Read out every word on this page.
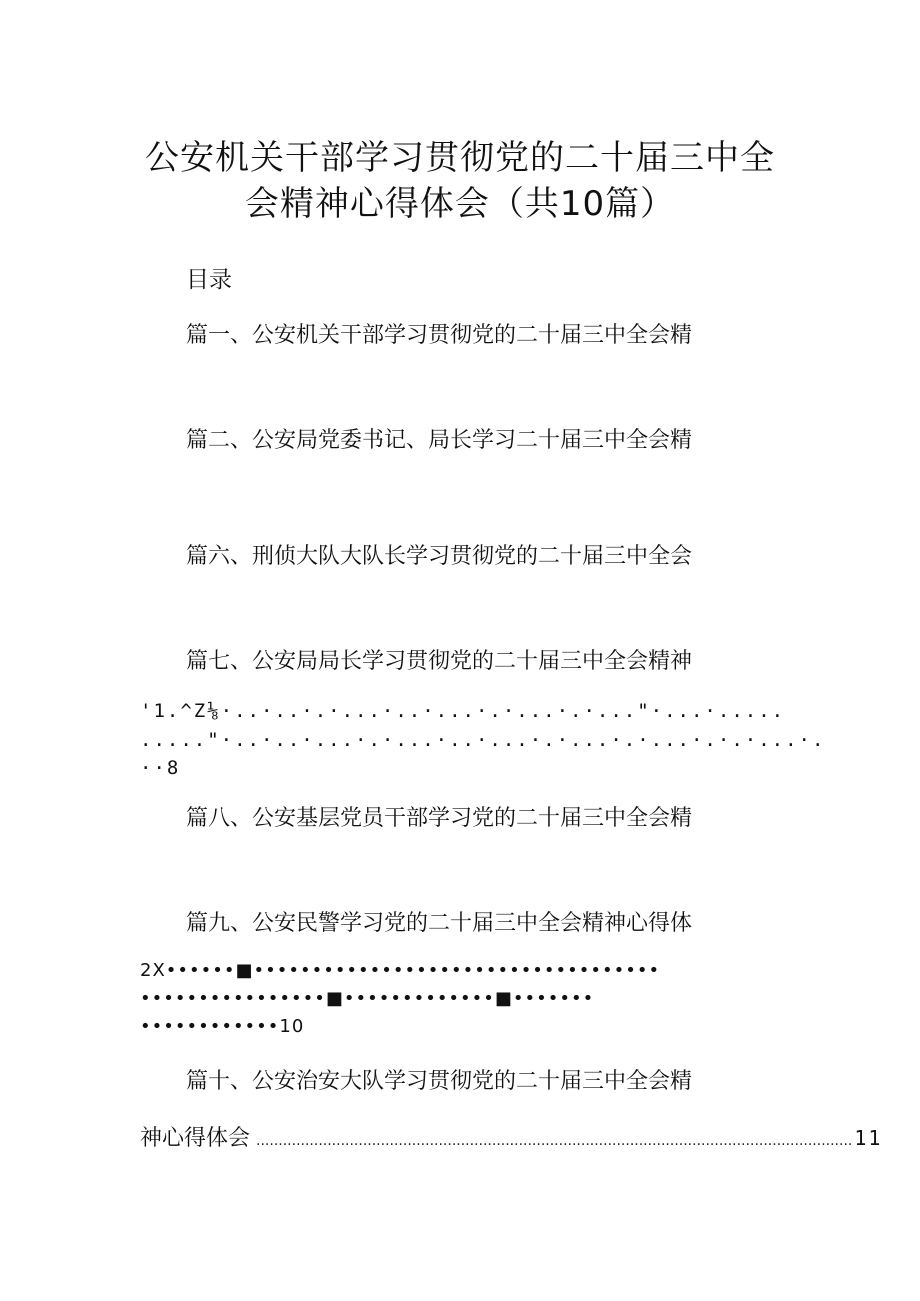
公安机关干部学习贯彻党的二十届三中全
会精神心得体会（共10篇）
目录
篇一、公安机关干部学习贯彻党的二十届三中全会精
篇二、公安局党委书记、局长学习二十届三中全会精
篇六、刑侦大队大队长学习贯彻党的二十届三中全会
篇七、公安局局长学习贯彻党的二十届三中全会精神
'1.^Z⅛·..·..·.·...·..·...·.·...·.·..."·...·.....
....."·..·..·...·.·...·..·...·.·...·.·...·.·.·...·.
··8
篇八、公安基层党员干部学习党的二十届三中全会精
篇九、公安民警学习党的二十届三中全会精神心得体
2X••••••■•••••••••••••••••••••••••••••••••••
••••••••••••••••■•••••••••••••■•••••••
••••••••••••10
篇十、公安治安大队学习贯彻党的二十届三中全会精
神心得体会 ...................................................................................................................................... 11
